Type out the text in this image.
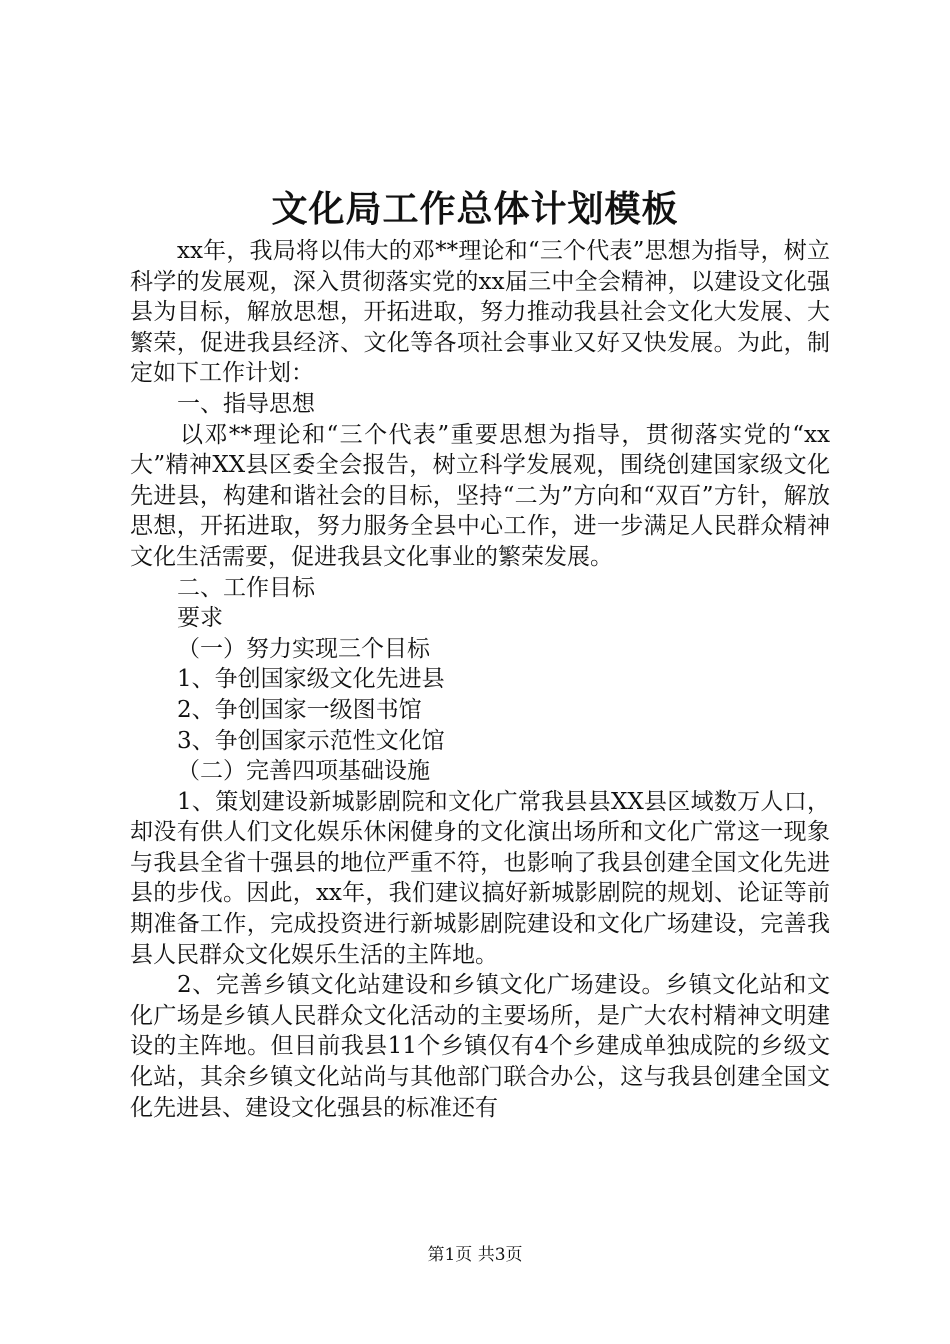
文化局工作总体计划模板

xx年，我局将以伟大的邓**理论和“三个代表”思想为指导，树立科学的发展观，深入贯彻落实党的xx届三中全会精神，以建设文化强县为目标，解放思想，开拓进取，努力推动我县社会文化大发展、大繁荣，促进我县经济、文化等各项社会事业又好又快发展。为此，制定如下工作计划：

一、指导思想

以邓**理论和“三个代表”重要思想为指导，贯彻落实党的“xx大”精神XX县区委全会报告，树立科学发展观，围绕创建国家级文化先进县，构建和谐社会的目标，坚持“二为”方向和“双百”方针，解放思想，开拓进取，努力服务全县中心工作，进一步满足人民群众精神文化生活需要，促进我县文化事业的繁荣发展。

二、工作目标

要求

（一）努力实现三个目标

1、争创国家级文化先进县

2、争创国家一级图书馆

3、争创国家示范性文化馆

（二）完善四项基础设施

1、策划建设新城影剧院和文化广常我县县XX县区域数万人口，却没有供人们文化娱乐休闲健身的文化演出场所和文化广常这一现象与我县全省十强县的地位严重不符，也影响了我县创建全国文化先进县的步伐。因此，xx年，我们建议搞好新城影剧院的规划、论证等前期准备工作，完成投资进行新城影剧院建设和文化广场建设，完善我县人民群众文化娱乐生活的主阵地。

2、完善乡镇文化站建设和乡镇文化广场建设。乡镇文化站和文化广场是乡镇人民群众文化活动的主要场所，是广大农村精神文明建设的主阵地。但目前我县11个乡镇仅有4个乡建成单独成院的乡级文化站，其余乡镇文化站尚与其他部门联合办公，这与我县创建全国文化先进县、建设文化强县的标准还有

第1页 共3页
